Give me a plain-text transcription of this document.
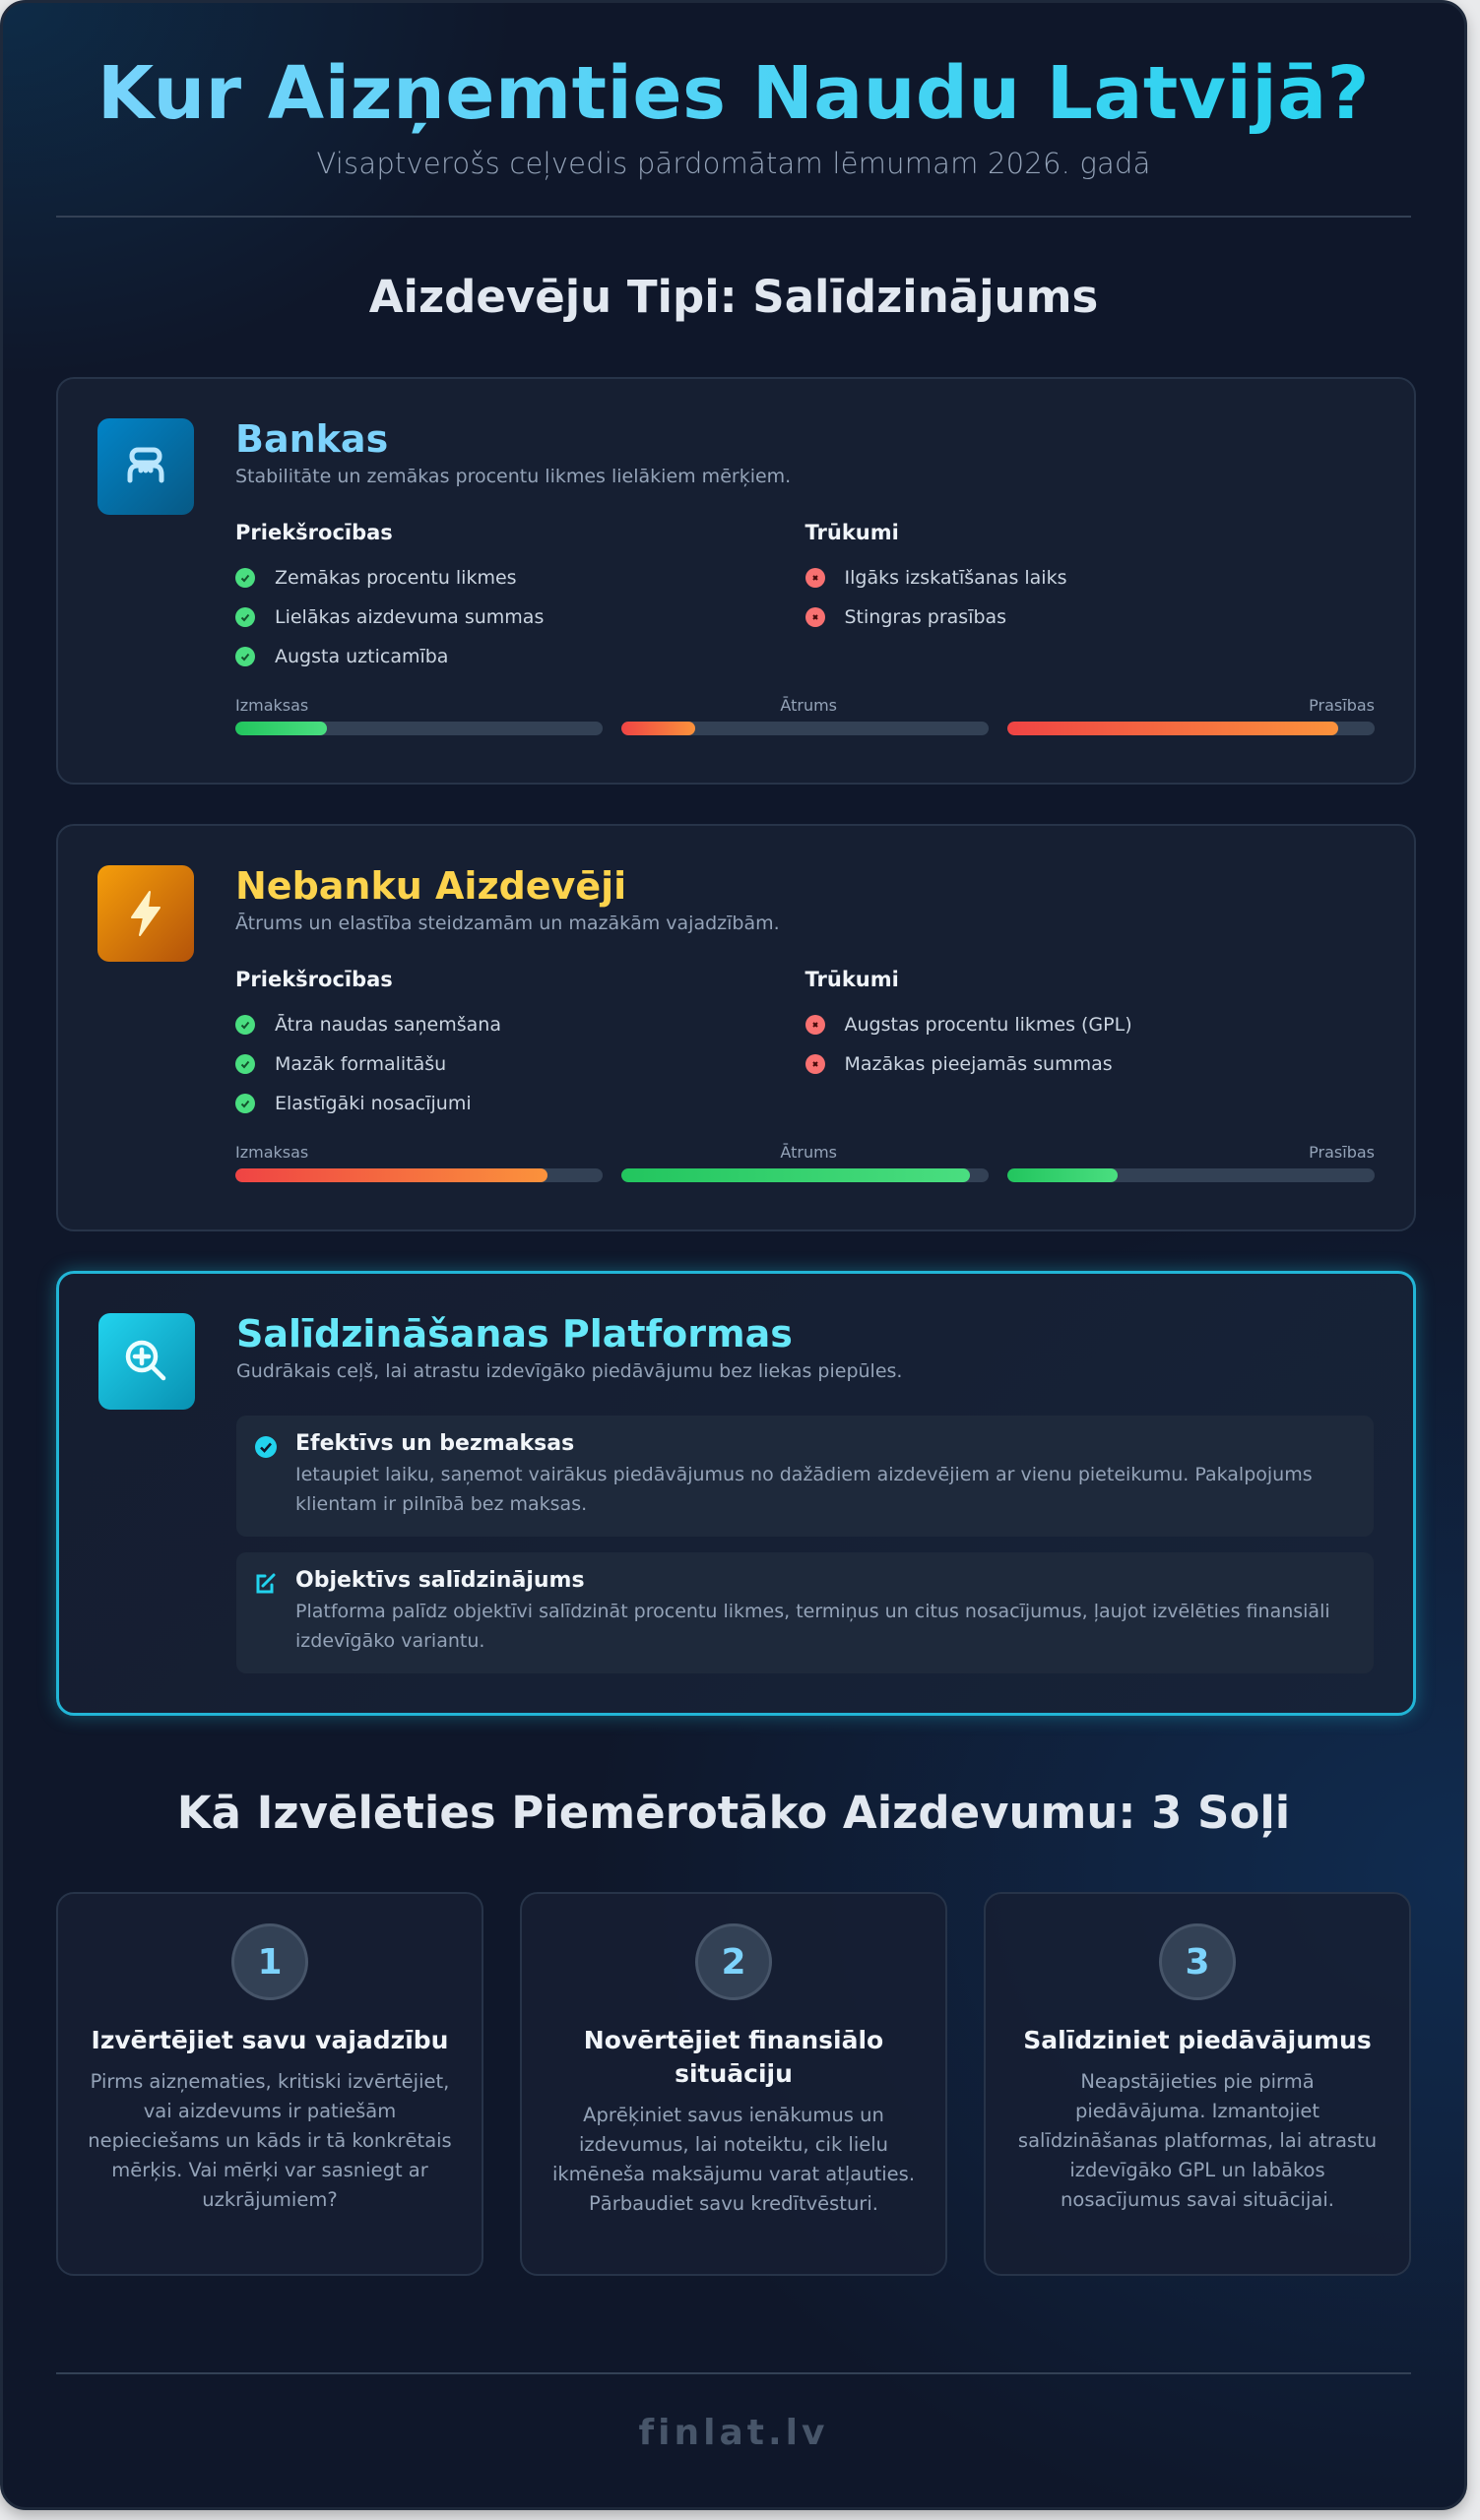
Kur Aizņemties Naudu Latvijā?
Visaptverošs ceļvedis pārdomātam lēmumam 2026. gadā
Aizdevēju Tipi: Salīdzinājums
Bankas
Stabilitāte un zemākas procentu likmes lielākiem mērķiem.
Priekšrocības
Zemākas procentu likmes
Lielākas aizdevuma summas
Augsta uzticamība
Trūkumi
Ilgāks izskatīšanas laiks
Stingras prasības
Izmaksas	Ātrums	Prasības
Nebanku Aizdevēji
Ātrums un elastība steidzamām un mazākām vajadzībām.
Priekšrocības
Ātra naudas saņemšana
Mazāk formalitāšu
Elastīgāki nosacījumi
Trūkumi
Augstas procentu likmes (GPL)
Mazākas pieejamās summas
Izmaksas	Ātrums	Prasības
Salīdzināšanas Platformas
Gudrākais ceļš, lai atrastu izdevīgāko piedāvājumu bez liekas piepūles.
Efektīvs un bezmaksas
Ietaupiet laiku, saņemot vairākus piedāvājumus no dažādiem aizdevējiem ar vienu pieteikumu. Pakalpojums klientam ir pilnībā bez maksas.
Objektīvs salīdzinājums
Platforma palīdz objektīvi salīdzināt procentu likmes, termiņus un citus nosacījumus, ļaujot izvēlēties finansiāli izdevīgāko variantu.
Kā Izvēlēties Piemērotāko Aizdevumu: 3 Soļi
1
Izvērtējiet savu vajadzību
Pirms aizņematies, kritiski izvērtējiet, vai aizdevums ir patiešām nepieciešams un kāds ir tā konkrētais mērķis. Vai mērķi var sasniegt ar uzkrājumiem?
2
Novērtējiet finansiālo situāciju
Aprēķiniet savus ienākumus un izdevumus, lai noteiktu, cik lielu ikmēneša maksājumu varat atļauties. Pārbaudiet savu kredītvēsturi.
3
Salīdziniet piedāvājumus
Neapstājieties pie pirmā piedāvājuma. Izmantojiet salīdzināšanas platformas, lai atrastu izdevīgāko GPL un labākos nosacījumus savai situācijai.
finlat.lv
